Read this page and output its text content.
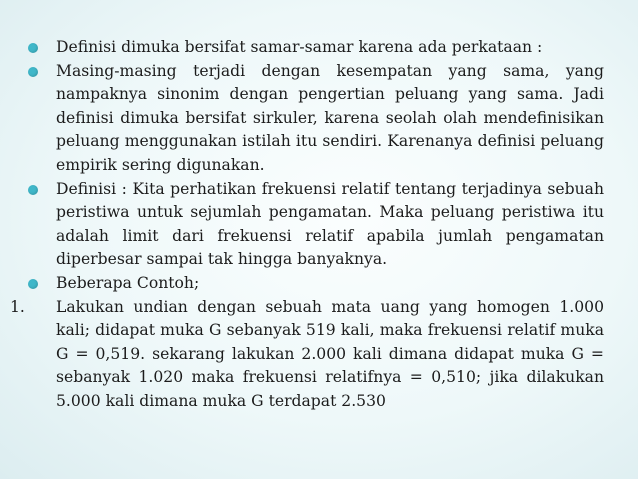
Definisi dimuka bersifat samar-samar karena ada perkataan :
Masing-masing terjadi dengan kesempatan yang sama, yang nampaknya sinonim dengan pengertian peluang yang sama. Jadi definisi dimuka bersifat sirkuler, karena seolah olah mendefinisikan peluang menggunakan istilah itu sendiri. Karenanya definisi peluang empirik sering digunakan.
Definisi : Kita perhatikan frekuensi relatif tentang terjadinya sebuah peristiwa untuk sejumlah pengamatan. Maka peluang peristiwa itu adalah limit dari frekuensi relatif apabila jumlah pengamatan diperbesar sampai tak hingga banyaknya.
Beberapa Contoh;
1. Lakukan undian dengan sebuah mata uang yang homogen 1.000 kali; didapat muka G sebanyak 519 kali, maka frekuensi relatif muka G = 0,519. sekarang lakukan 2.000 kali dimana didapat muka G = sebanyak 1.020 maka frekuensi relatifnya = 0,510; jika dilakukan 5.000 kali dimana muka G terdapat 2.530
